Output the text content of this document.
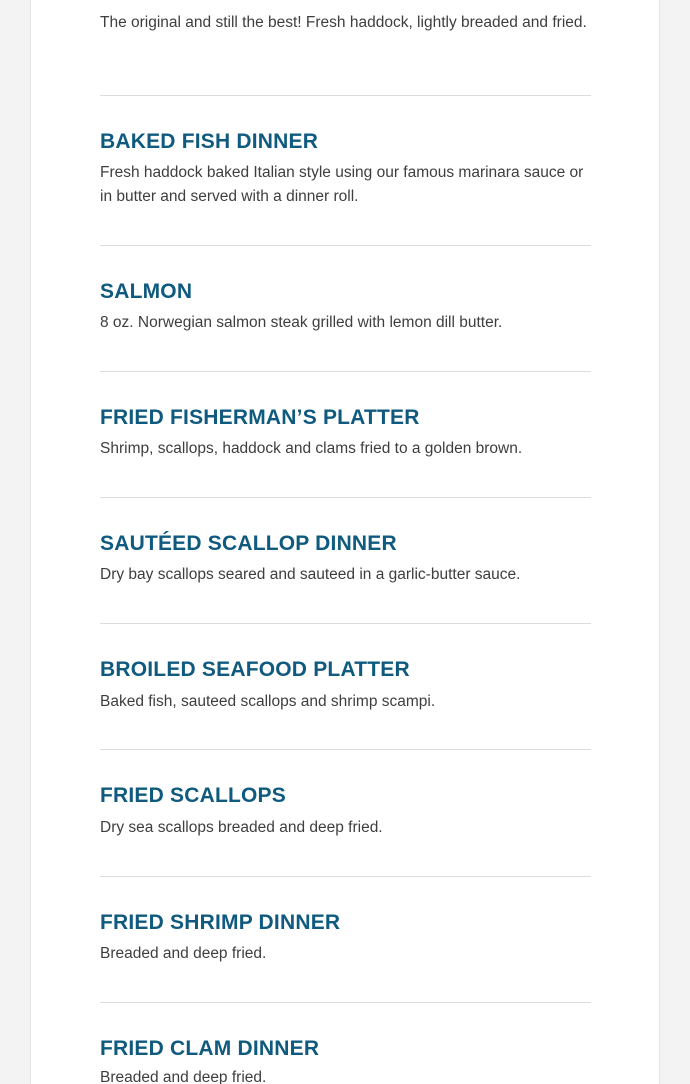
The original and still the best! Fresh haddock, lightly breaded and fried.

BAKED FISH DINNER

Fresh haddock baked Italian style using our famous marinara sauce or in butter and served with a dinner roll.

SALMON

8 oz. Norwegian salmon steak grilled with lemon dill butter.

FRIED FISHERMAN’S PLATTER

Shrimp, scallops, haddock and clams fried to a golden brown.

SAUTÉED SCALLOP DINNER

Dry bay scallops seared and sauteed in a garlic-butter sauce.

BROILED SEAFOOD PLATTER

Baked fish, sauteed scallops and shrimp scampi.

FRIED SCALLOPS

Dry sea scallops breaded and deep fried.

FRIED SHRIMP DINNER

Breaded and deep fried.

FRIED CLAM DINNER

Breaded and deep fried.
